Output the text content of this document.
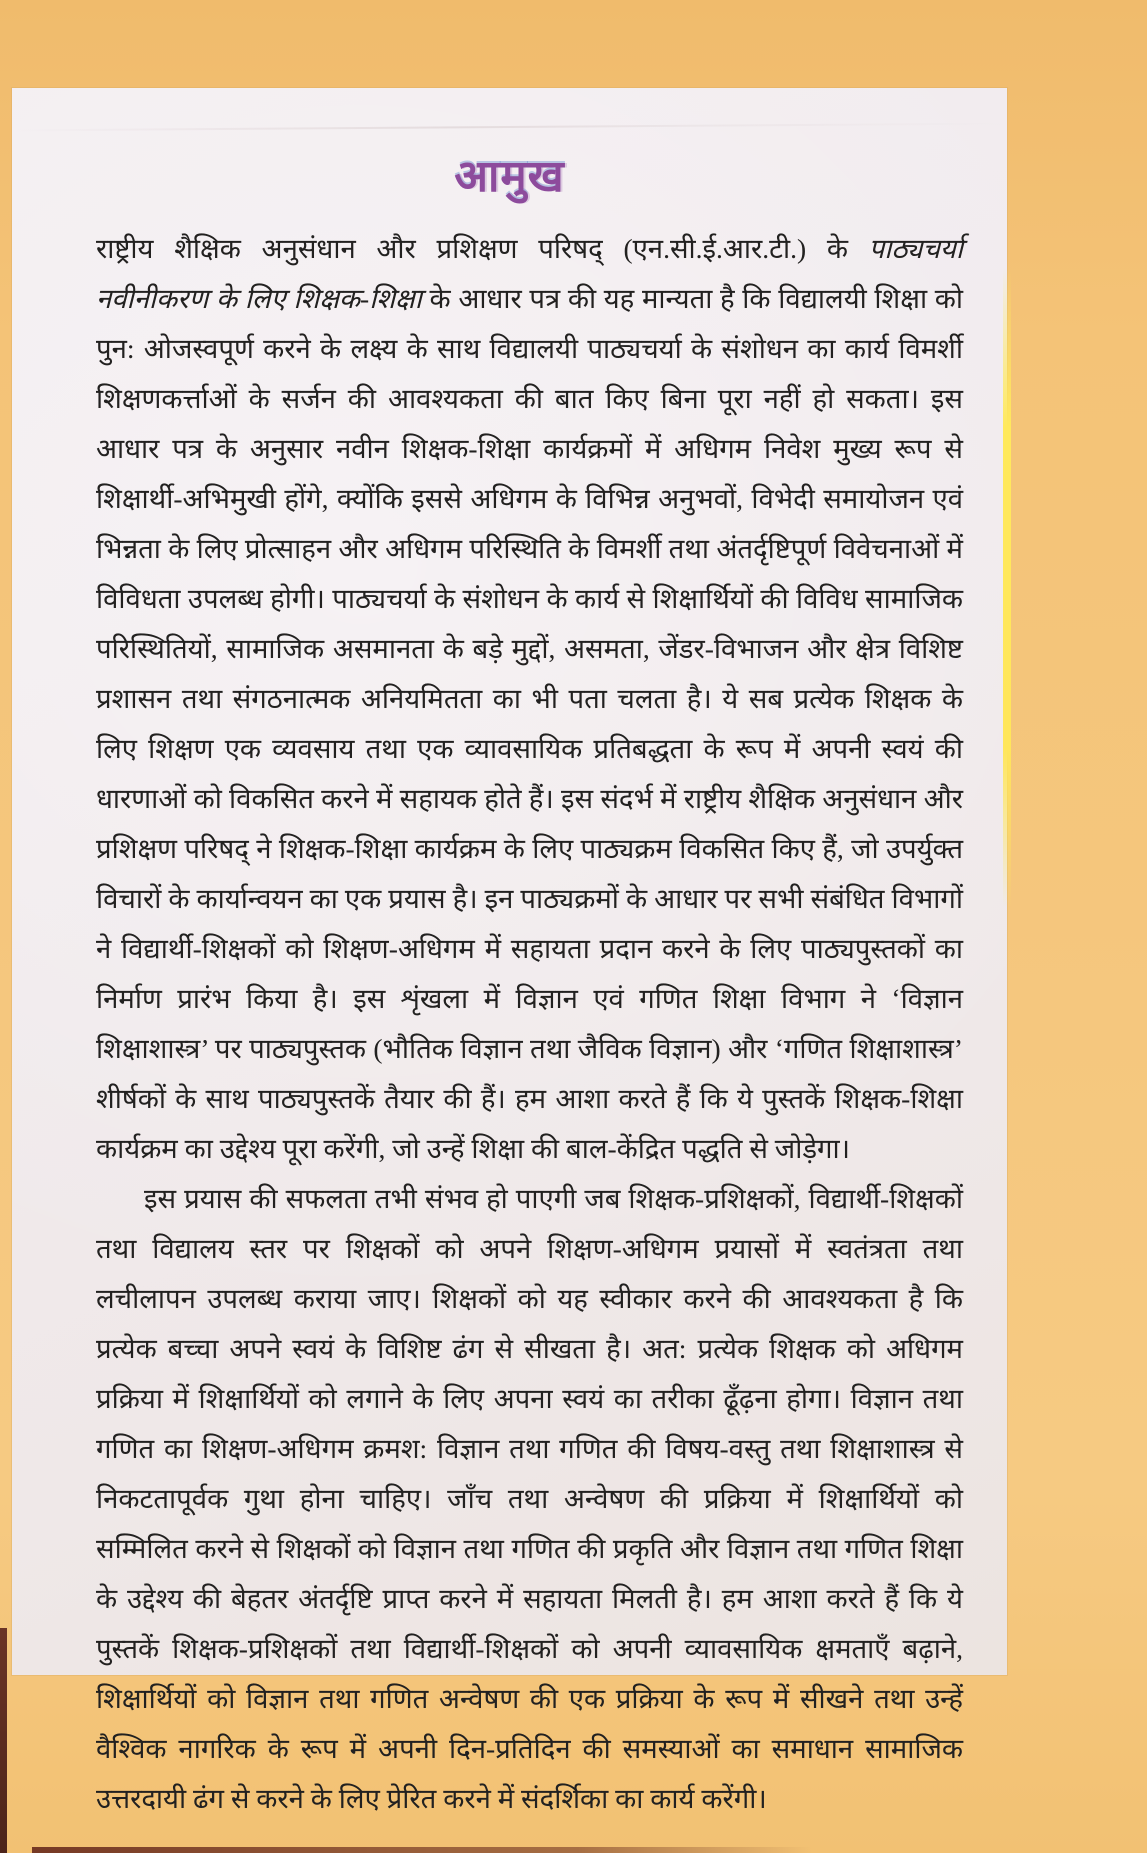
आमुख

राष्ट्रीय शैक्षिक अनुसंधान और प्रशिक्षण परिषद् (एन.सी.ई.आर.टी.) के पाठ्यचर्या नवीनीकरण के लिए शिक्षक-शिक्षा के आधार पत्र की यह मान्यता है कि विद्यालयी शिक्षा को पुन: ओजस्वपूर्ण करने के लक्ष्य के साथ विद्यालयी पाठ्यचर्या के संशोधन का कार्य विमर्शी शिक्षणकर्त्ताओं के सर्जन की आवश्यकता की बात किए बिना पूरा नहीं हो सकता। इस आधार पत्र के अनुसार नवीन शिक्षक-शिक्षा कार्यक्रमों में अधिगम निवेश मुख्य रूप से शिक्षार्थी-अभिमुखी होंगे, क्योंकि इससे अधिगम के विभिन्न अनुभवों, विभेदी समायोजन एवं भिन्नता के लिए प्रोत्साहन और अधिगम परिस्थिति के विमर्शी तथा अंतर्दृष्टिपूर्ण विवेचनाओं में विविधता उपलब्ध होगी। पाठ्यचर्या के संशोधन के कार्य से शिक्षार्थियों की विविध सामाजिक परिस्थितियों, सामाजिक असमानता के बड़े मुद्दों, असमता, जेंडर-विभाजन और क्षेत्र विशिष्ट प्रशासन तथा संगठनात्मक अनियमितता का भी पता चलता है। ये सब प्रत्येक शिक्षक के लिए शिक्षण एक व्यवसाय तथा एक व्यावसायिक प्रतिबद्धता के रूप में अपनी स्वयं की धारणाओं को विकसित करने में सहायक होते हैं। इस संदर्भ में राष्ट्रीय शैक्षिक अनुसंधान और प्रशिक्षण परिषद् ने शिक्षक-शिक्षा कार्यक्रम के लिए पाठ्यक्रम विकसित किए हैं, जो उपर्युक्त विचारों के कार्यान्वयन का एक प्रयास है। इन पाठ्यक्रमों के आधार पर सभी संबंधित विभागों ने विद्यार्थी-शिक्षकों को शिक्षण-अधिगम में सहायता प्रदान करने के लिए पाठ्यपुस्तकों का निर्माण प्रारंभ किया है। इस शृंखला में विज्ञान एवं गणित शिक्षा विभाग ने ‘विज्ञान शिक्षाशास्त्र’ पर पाठ्यपुस्तक (भौतिक विज्ञान तथा जैविक विज्ञान) और ‘गणित शिक्षाशास्त्र’ शीर्षकों के साथ पाठ्यपुस्तकें तैयार की हैं। हम आशा करते हैं कि ये पुस्तकें शिक्षक-शिक्षा कार्यक्रम का उद्देश्य पूरा करेंगी, जो उन्हें शिक्षा की बाल-केंद्रित पद्धति से जोड़ेगा।

इस प्रयास की सफलता तभी संभव हो पाएगी जब शिक्षक-प्रशिक्षकों, विद्यार्थी-शिक्षकों तथा विद्यालय स्तर पर शिक्षकों को अपने शिक्षण-अधिगम प्रयासों में स्वतंत्रता तथा लचीलापन उपलब्ध कराया जाए। शिक्षकों को यह स्वीकार करने की आवश्यकता है कि प्रत्येक बच्चा अपने स्वयं के विशिष्ट ढंग से सीखता है। अत: प्रत्येक शिक्षक को अधिगम प्रक्रिया में शिक्षार्थियों को लगाने के लिए अपना स्वयं का तरीका ढूँढ़ना होगा। विज्ञान तथा गणित का शिक्षण-अधिगम क्रमश: विज्ञान तथा गणित की विषय-वस्तु तथा शिक्षाशास्त्र से निकटतापूर्वक गुथा होना चाहिए। जाँच तथा अन्वेषण की प्रक्रिया में शिक्षार्थियों को सम्मिलित करने से शिक्षकों को विज्ञान तथा गणित की प्रकृति और विज्ञान तथा गणित शिक्षा के उद्देश्य की बेहतर अंतर्दृष्टि प्राप्त करने में सहायता मिलती है। हम आशा करते हैं कि ये पुस्तकें शिक्षक-प्रशिक्षकों तथा विद्यार्थी-शिक्षकों को अपनी व्यावसायिक क्षमताएँ बढ़ाने, शिक्षार्थियों को विज्ञान तथा गणित अन्वेषण की एक प्रक्रिया के रूप में सीखने तथा उन्हें वैश्विक नागरिक के रूप में अपनी दिन-प्रतिदिन की समस्याओं का समाधान सामाजिक उत्तरदायी ढंग से करने के लिए प्रेरित करने में संदर्शिका का कार्य करेंगी।
